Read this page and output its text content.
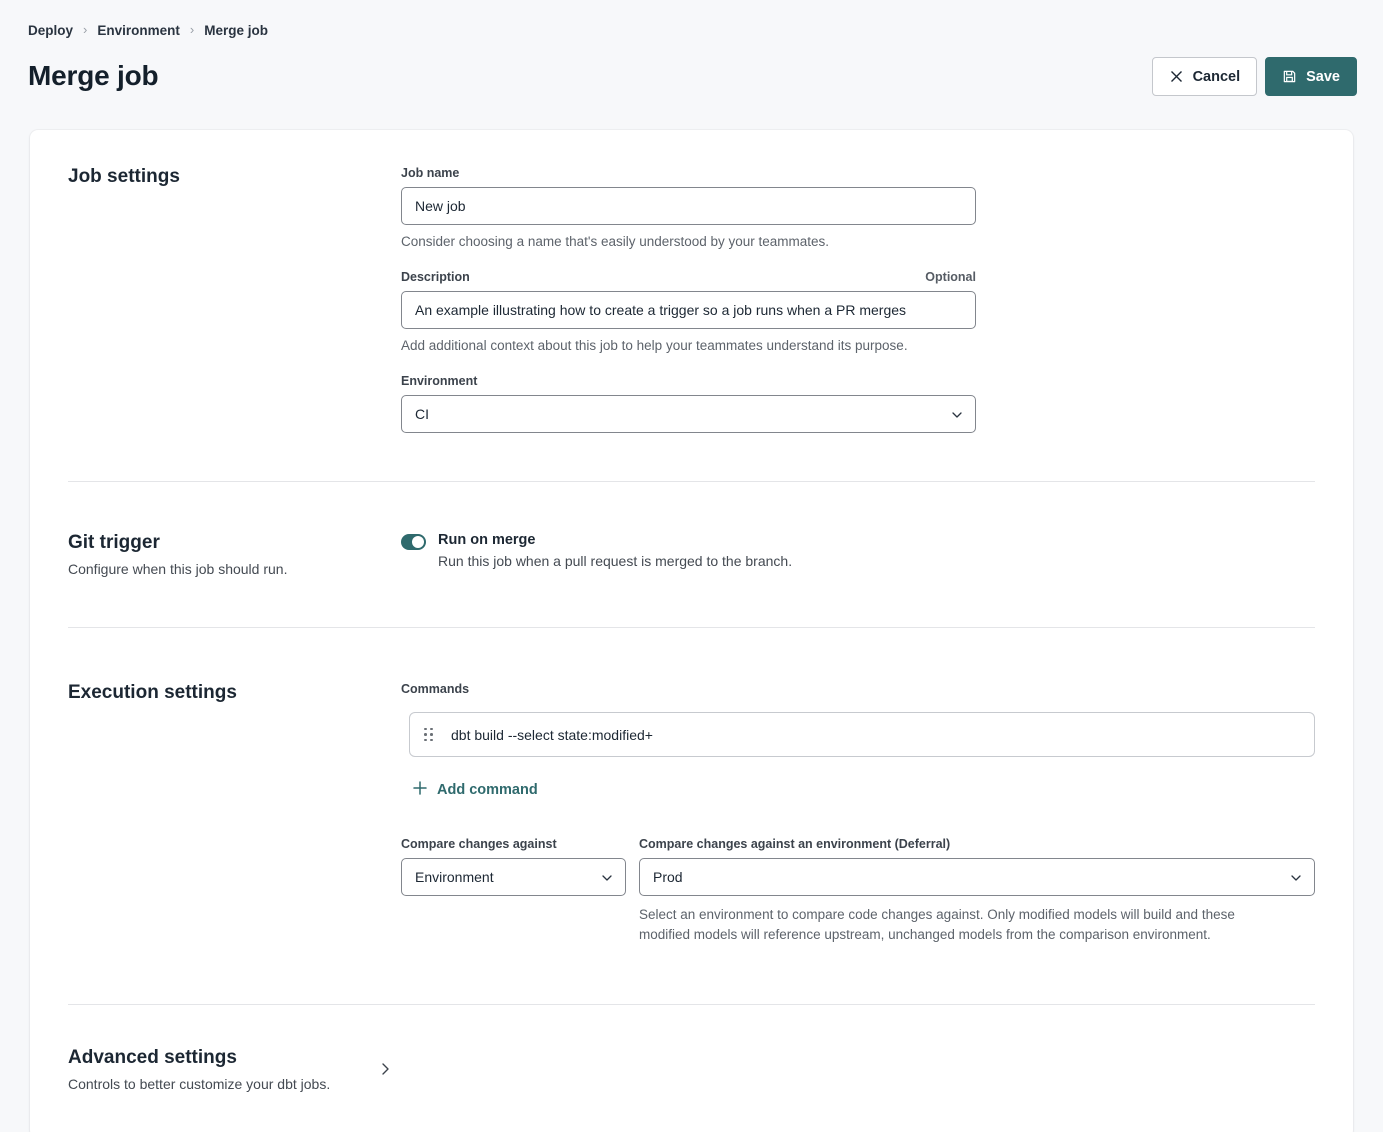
Deploy › Environment › Merge job
Merge job	Cancel	Save
Job settings	Job name
New job
Consider choosing a name that's easily understood by your teammates.
Description	Optional
An example illustrating how to create a trigger so a job runs when a PR merges
Add additional context about this job to help your teammates understand its purpose.
Environment
CI
Git trigger
Configure when this job should run.
Run on merge
Run this job when a pull request is merged to the branch.
Execution settings	Commands
dbt build --select state:modified+
Add command
Compare changes against
Environment
Compare changes against an environment (Deferral)
Prod
Select an environment to compare code changes against. Only modified models will build and these modified models will reference upstream, unchanged models from the comparison environment.
Advanced settings
Controls to better customize your dbt jobs.
